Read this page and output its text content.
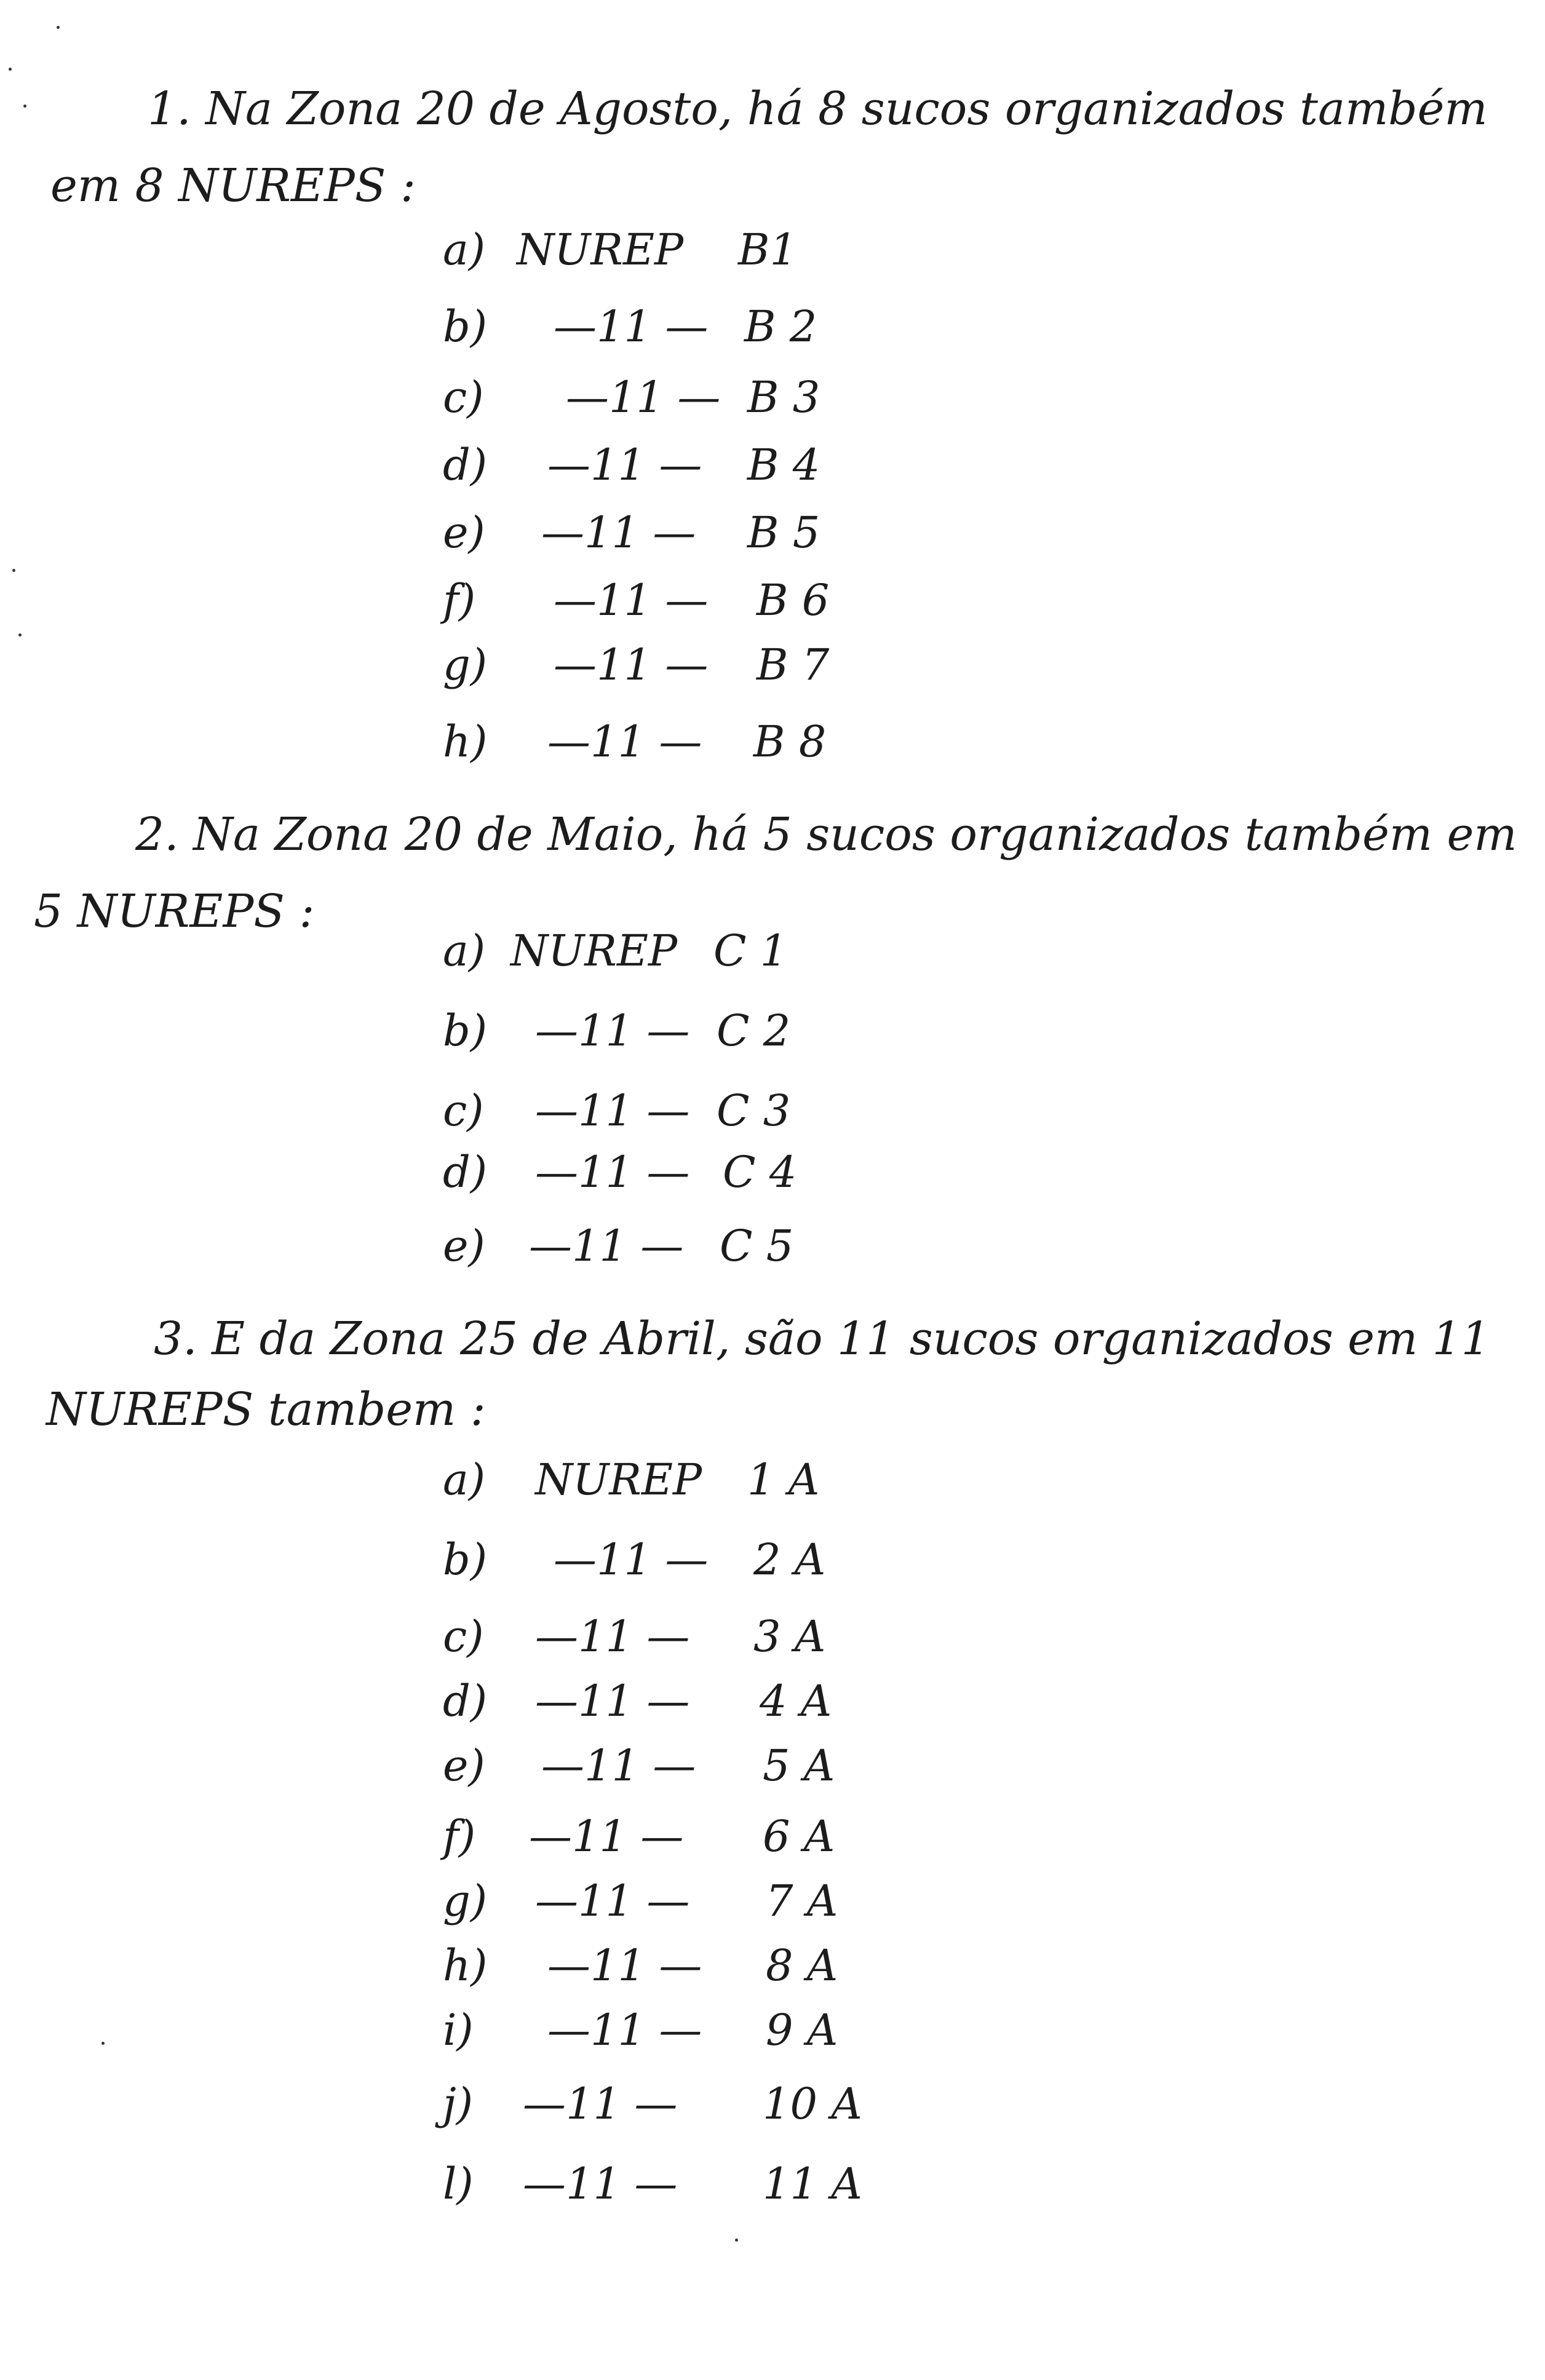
1. Na Zona 20 de Agosto, há 8 sucos organizados também
em 8 NUREPS :
a) NUREP B1
b) —11 — B 2
c) —11 — B 3
d) —11 — B 4
e) —11 — B 5
f) —11 — B 6
g) —11 — B 7
h) —11 — B 8
2. Na Zona 20 de Maio, há 5 sucos organizados também em
5 NUREPS :
a) NUREP C 1
b) —11 — C 2
c) —11 — C 3
d) —11 — C 4
e) —11 — C 5
3. E da Zona 25 de Abril, são 11 sucos organizados em 11
NUREPS tambem :
a) NUREP 1 A
b) —11 — 2 A
c) —11 — 3 A
d) —11 — 4 A
e) —11 — 5 A
f) —11 — 6 A
g) —11 — 7 A
h) —11 — 8 A
i) —11 — 9 A
j) —11 — 10 A
l) —11 — 11 A
